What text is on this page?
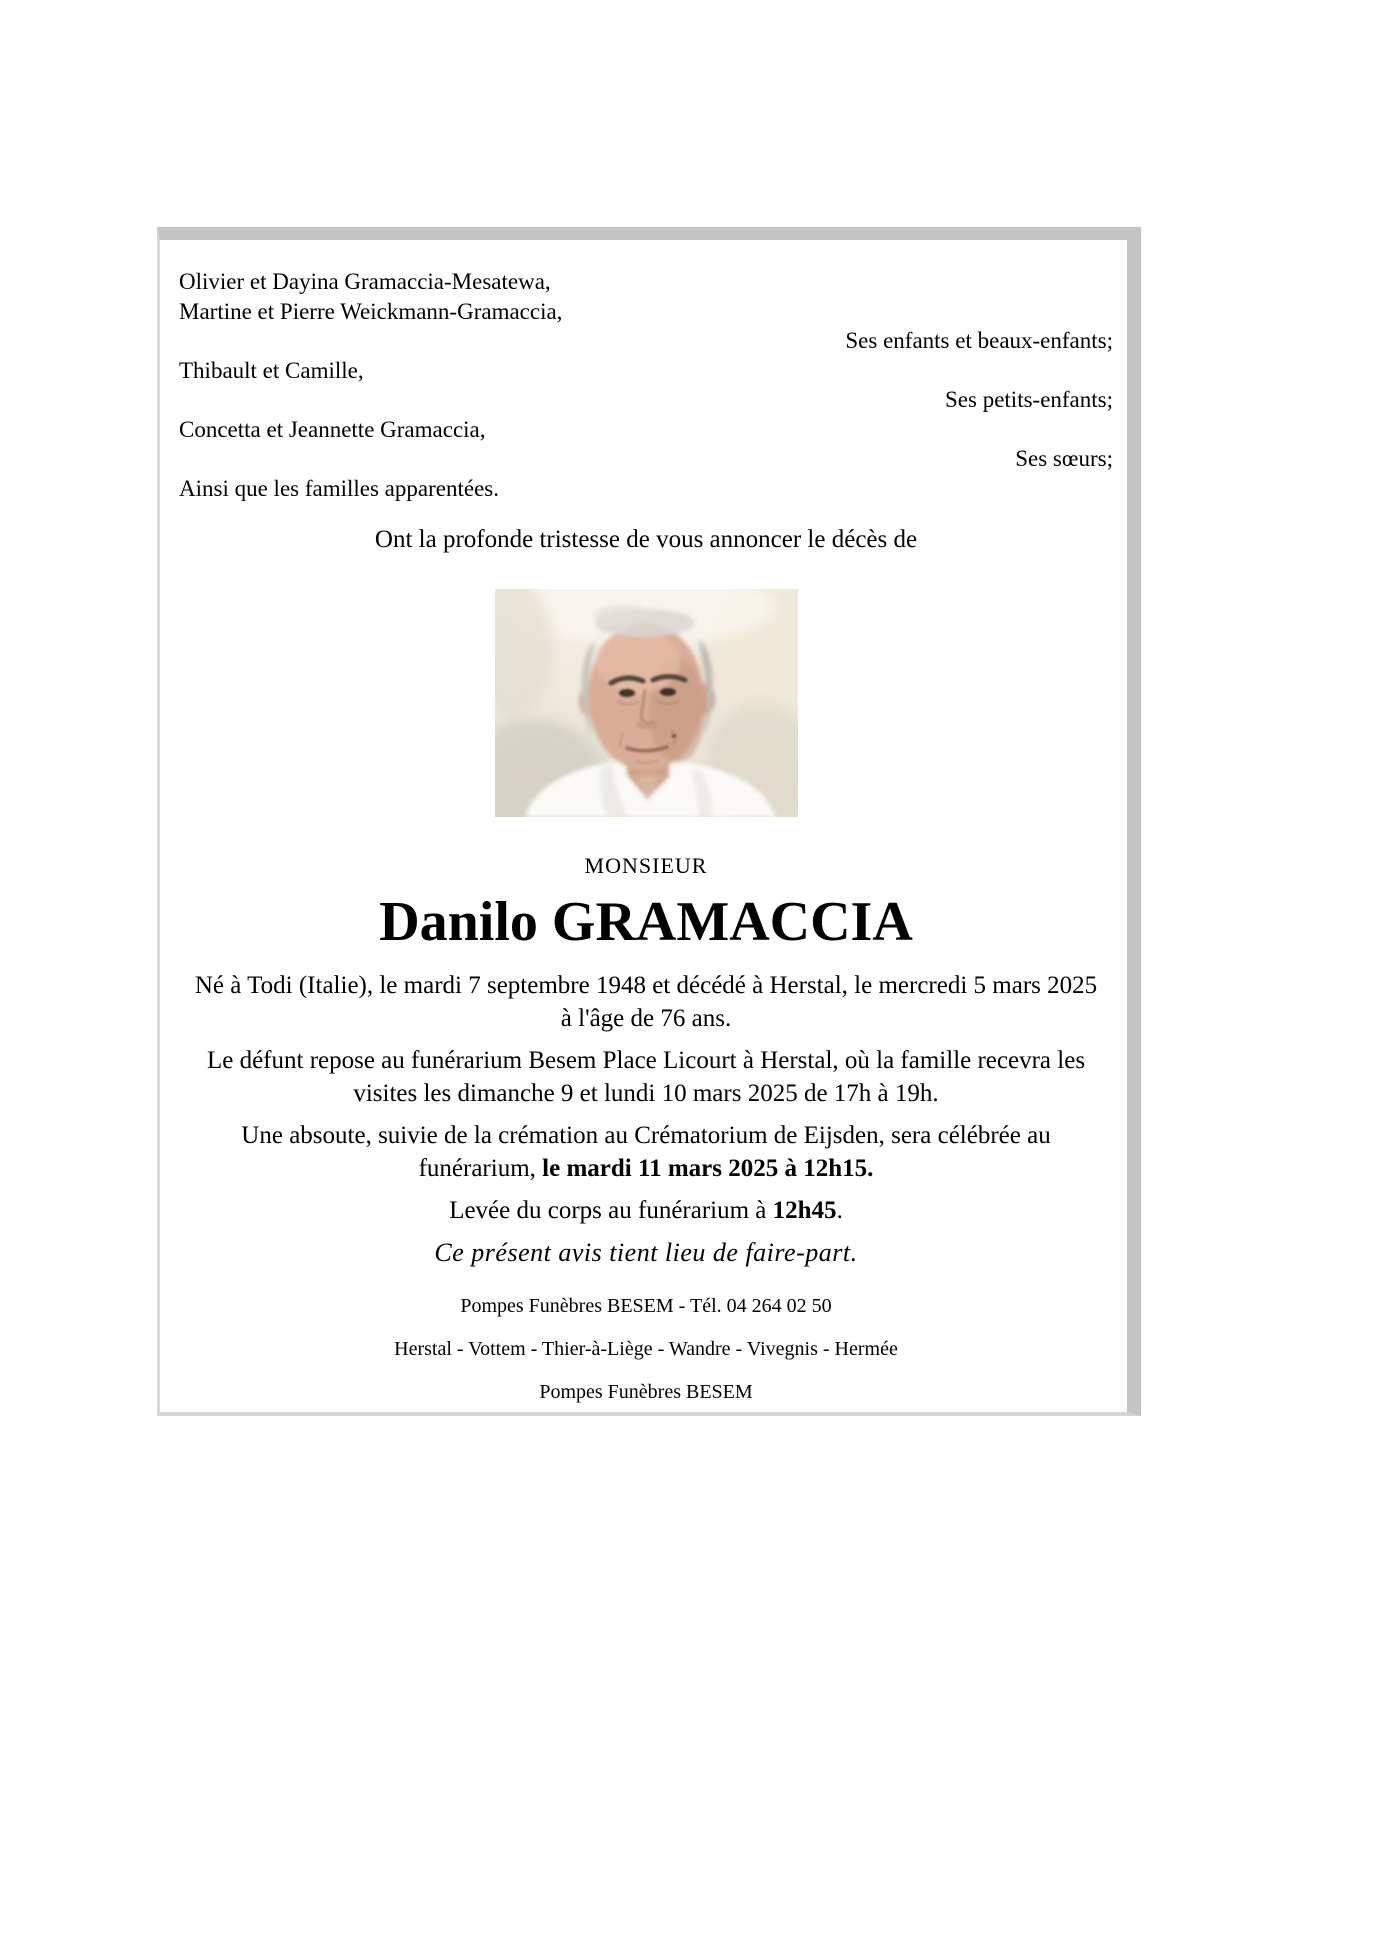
Olivier et Dayina Gramaccia-Mesatewa,
Martine et Pierre Weickmann-Gramaccia,
Ses enfants et beaux-enfants;
Thibault et Camille,
Ses petits-enfants;
Concetta et Jeannette Gramaccia,
Ses sœurs;
Ainsi que les familles apparentées.
Ont la profonde tristesse de vous annoncer le décès de
MONSIEUR
Danilo GRAMACCIA
Né à Todi (Italie), le mardi 7 septembre 1948 et décédé à Herstal, le mercredi 5 mars 2025
à l'âge de 76 ans.
Le défunt repose au funérarium Besem Place Licourt à Herstal, où la famille recevra les
visites les dimanche 9 et lundi 10 mars 2025 de 17h à 19h.
Une absoute, suivie de la crémation au Crématorium de Eijsden, sera célébrée au
funérarium, le mardi 11 mars 2025 à 12h15.
Levée du corps au funérarium à 12h45.
Ce présent avis tient lieu de faire-part.
Pompes Funèbres BESEM - Tél. 04 264 02 50
Herstal - Vottem - Thier-à-Liège - Wandre - Vivegnis - Hermée
Pompes Funèbres BESEM
